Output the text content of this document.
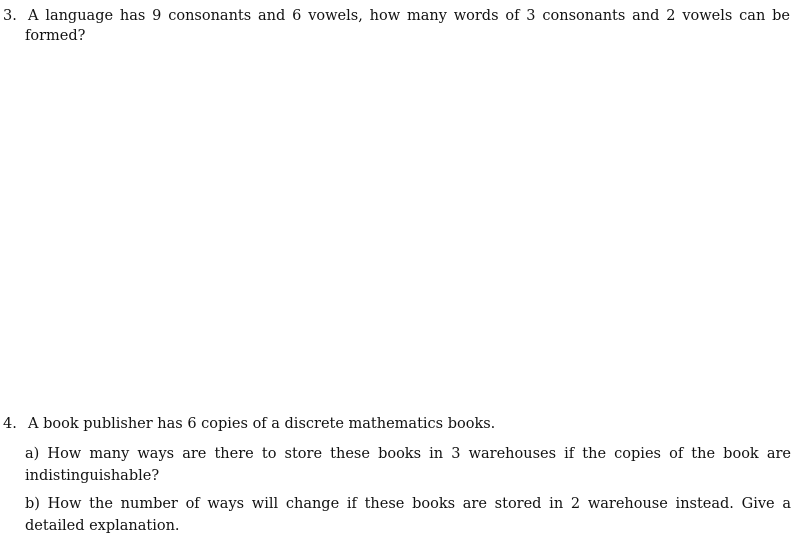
3. A language has 9 consonants and 6 vowels, how many words of 3 consonants and 2 vowels can be
formed?
4. A book publisher has 6 copies of a discrete mathematics books.
a) How many ways are there to store these books in 3 warehouses if the copies of the book are
indistinguishable?
b) How the number of ways will change if these books are stored in 2 warehouse instead. Give a
detailed explanation.
